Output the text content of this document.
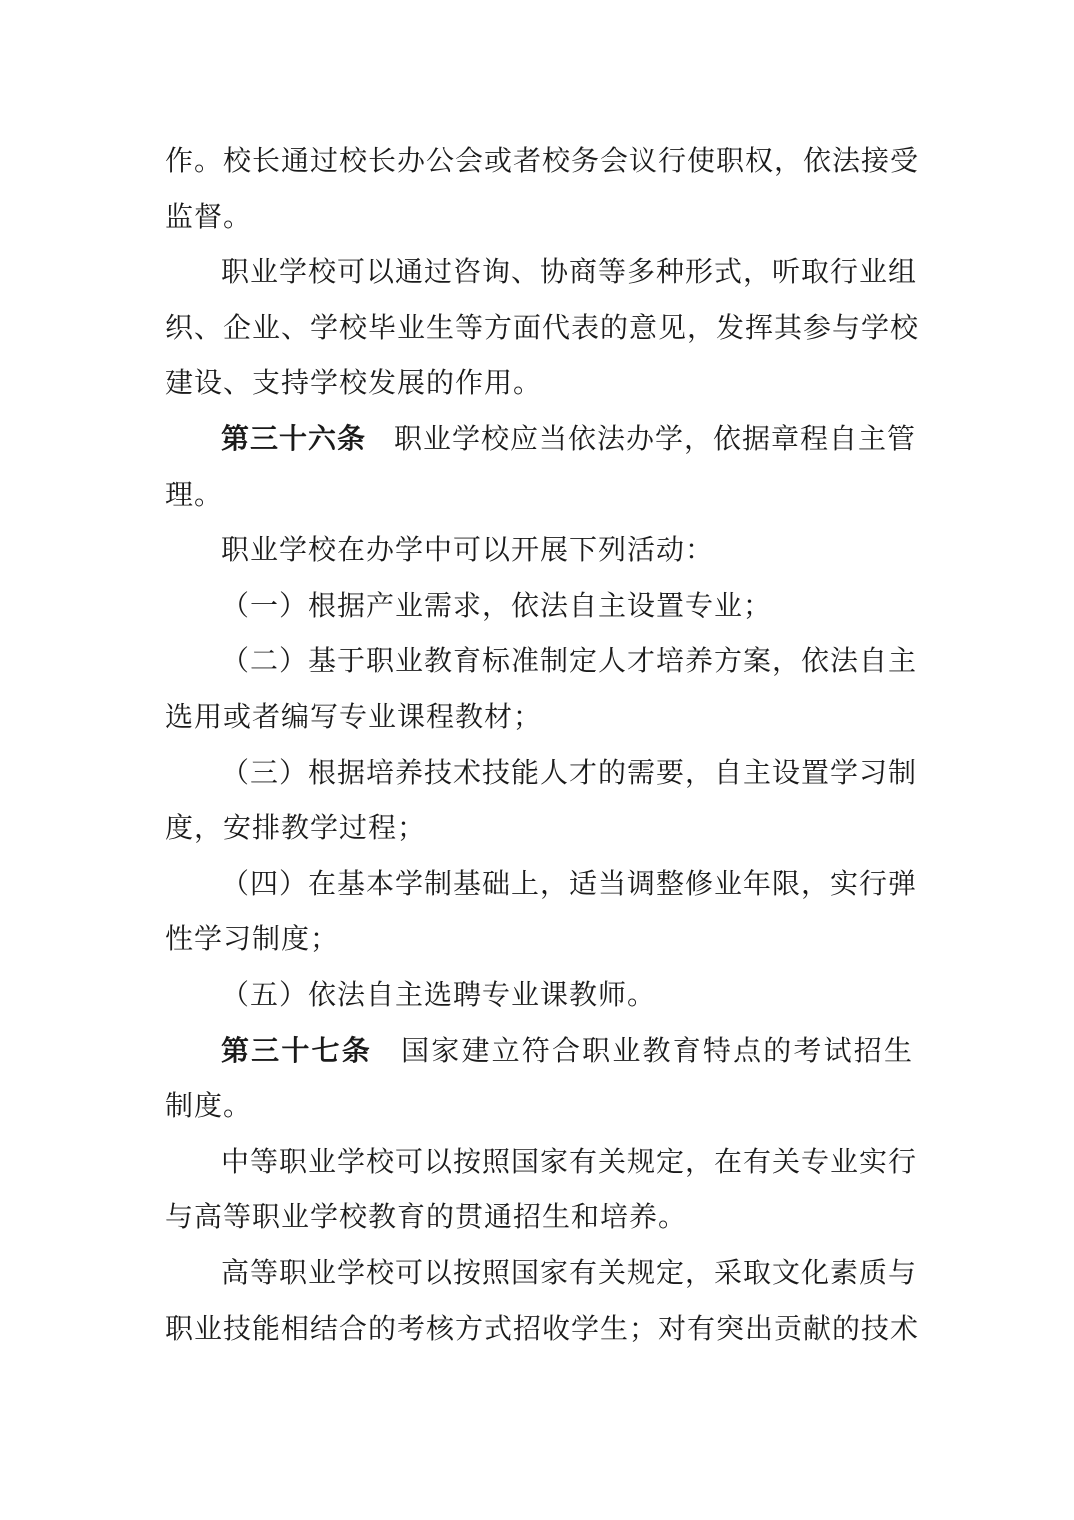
作。校长通过校长办公会或者校务会议行使职权，依法接受
监督。
职业学校可以通过咨询、协商等多种形式，听取行业组
织、企业、学校毕业生等方面代表的意见，发挥其参与学校
建设、支持学校发展的作用。
第三十六条 职业学校应当依法办学，依据章程自主管
理。
职业学校在办学中可以开展下列活动：
（一）根据产业需求，依法自主设置专业；
（二）基于职业教育标准制定人才培养方案，依法自主
选用或者编写专业课程教材；
（三）根据培养技术技能人才的需要，自主设置学习制
度，安排教学过程；
（四）在基本学制基础上，适当调整修业年限，实行弹
性学习制度；
（五）依法自主选聘专业课教师。
第三十七条 国家建立符合职业教育特点的考试招生
制度。
中等职业学校可以按照国家有关规定，在有关专业实行
与高等职业学校教育的贯通招生和培养。
高等职业学校可以按照国家有关规定，采取文化素质与
职业技能相结合的考核方式招收学生；对有突出贡献的技术
